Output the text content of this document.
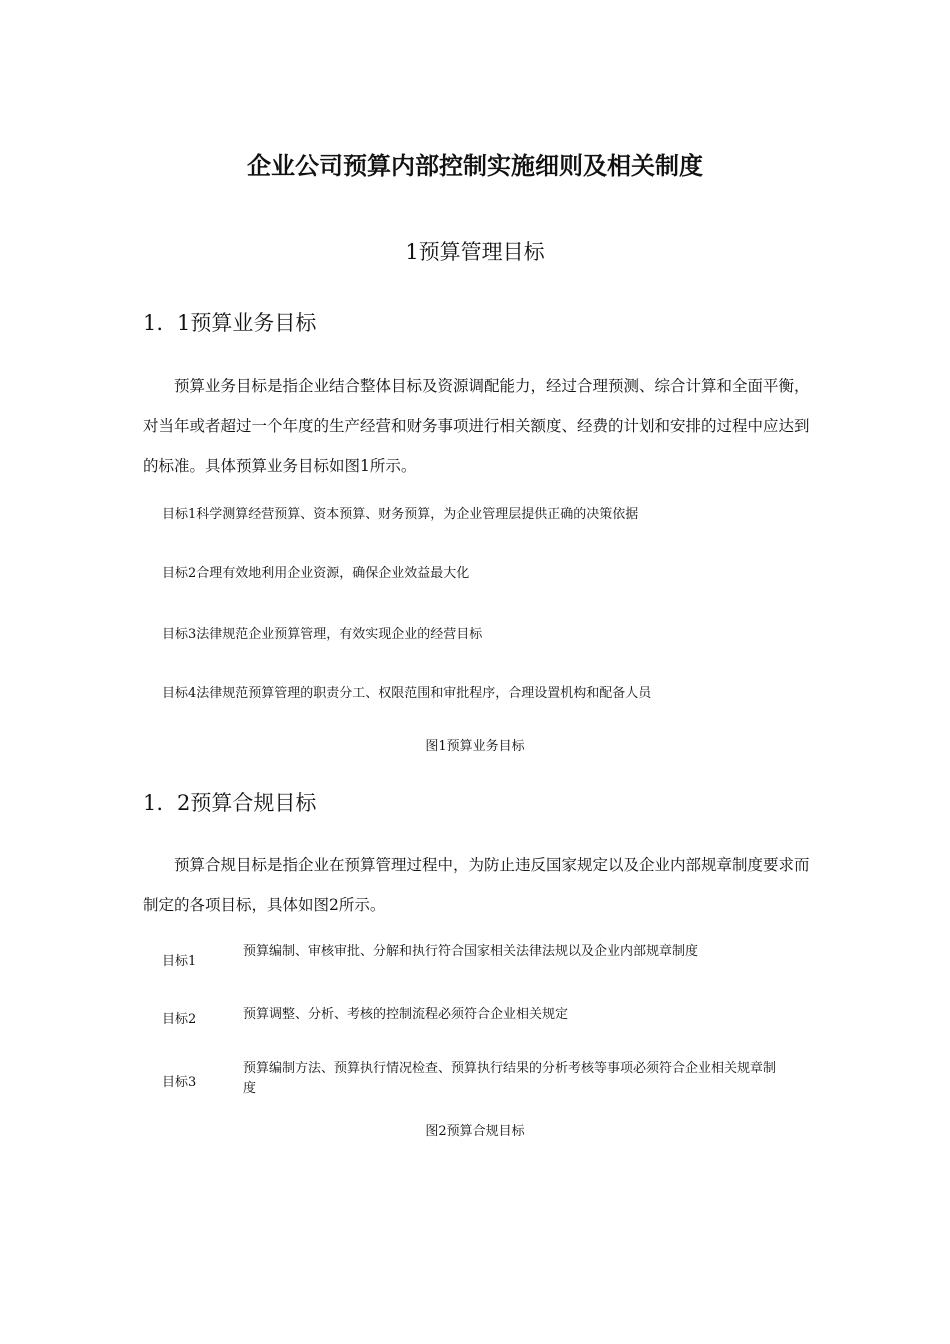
企业公司预算内部控制实施细则及相关制度
1预算管理目标
1. 1预算业务目标

预算业务目标是指企业结合整体目标及资源调配能力，经过合理预测、综合计算和全面平衡，对当年或者超过一个年度的生产经营和财务事项进行相关额度、经费的计划和安排的过程中应达到的标准。具体预算业务目标如图1所示。

目标1科学测算经营预算、资本预算、财务预算，为企业管理层提供正确的决策依据
目标2合理有效地利用企业资源，确保企业效益最大化
目标3法律规范企业预算管理，有效实现企业的经营目标
目标4法律规范预算管理的职责分工、权限范围和审批程序，合理设置机构和配备人员
图1预算业务目标
1. 2预算合规目标

预算合规目标是指企业在预算管理过程中，为防止违反国家规定以及企业内部规章制度要求而制定的各项目标，具体如图2所示。

目标1
预算编制、审核审批、分解和执行符合国家相关法律法规以及企业内部规章制度
目标2	预算调整、分析、考核的控制流程必须符合企业相关规定
目标3
预算编制方法、预算执行情况检查、预算执行结果的分析考核等事项必须符合企业相关规章制度
图2预算合规目标
